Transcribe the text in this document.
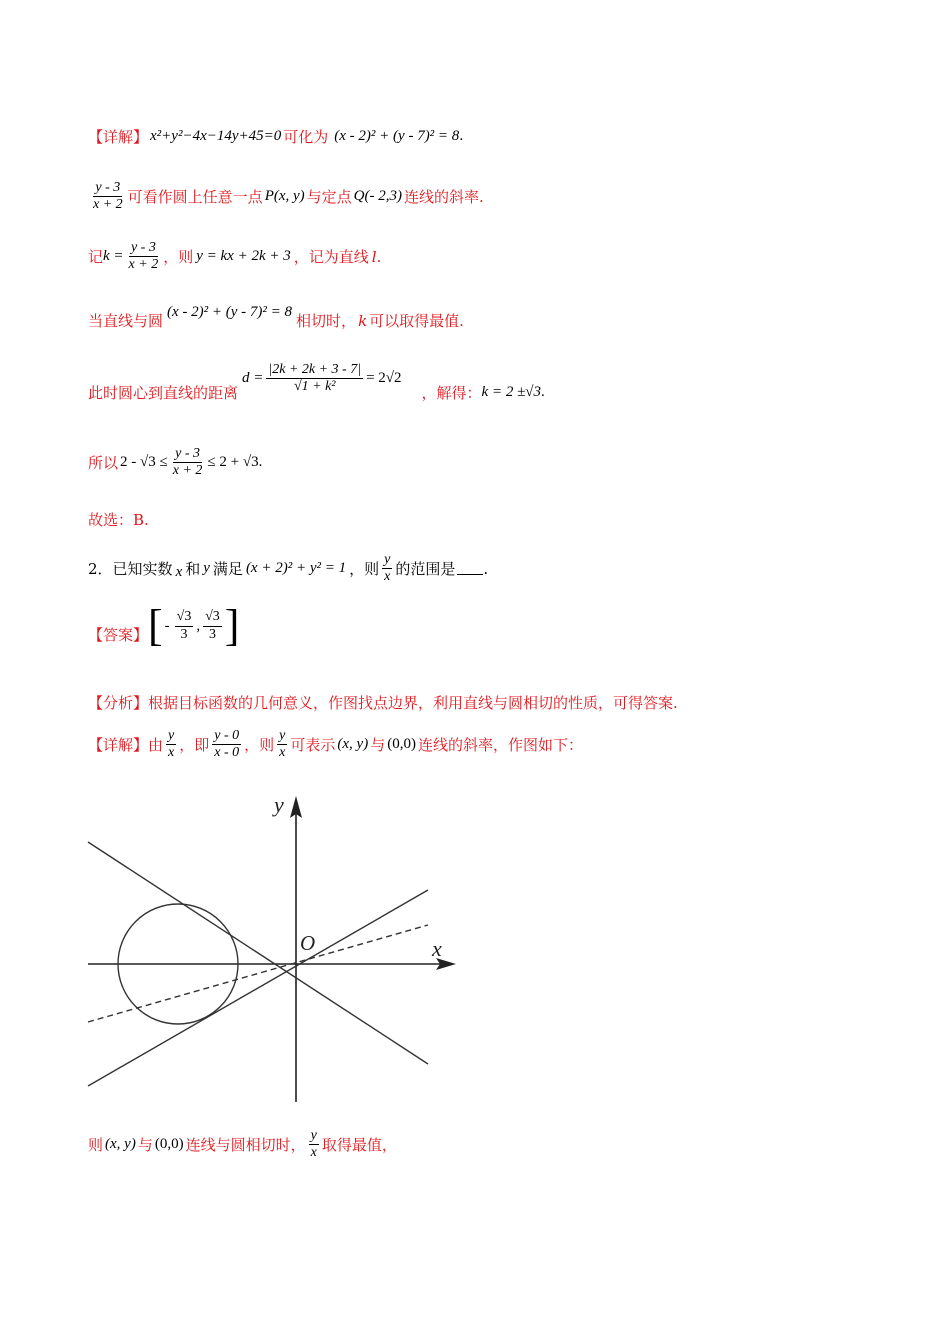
【详解】 x²+y²−4x−14y+45=0 可化为 (x - 2)² + (y - 7)² = 8 .
$\frac{y - 3}{x + 2}$ 可看作圆上任意一点 P(x, y) 与定点 Q(- 2,3) 连线的斜率.
记 $k = \frac{y - 3}{x + 2}$ ，则 y = kx + 2k + 3 ，记为直线 l .
当直线与圆 (x - 2)² + (y - 7)² = 8 相切时， k 可以取得最值.
此时圆心到直线的距离
$d = \frac{|2k + 2k + 3 - 7|}{\text{√1 + k²}} = 2√2$
，解得： k = 2 ±√3 .
所以 $2 - √3 \le \frac{y - 3}{x + 2} \le 2 + √3$ .
故选：B.
2． 已知实数 x 和 y 满足 (x + 2)² + y² = 1 ，则 $\frac{y}{x}$ 的范围是 .
【答案】 [ - $\frac{√3}{3}$ , $\frac{√3}{3}$ ]
【分析】 根据目标函数的几何意义，作图找点边界，利用直线与圆相切的性质，可得答案.
【详解】 由 $\frac{y}{x}$ ，即 $\frac{y - 0}{x - 0}$ ，则 $\frac{y}{x}$ 可表示 (x, y) 与 (0,0) 连线的斜率，作图如下：
y
x
O
则 (x, y) 与 (0,0) 连线与圆相切时， $\frac{y}{x}$ 取得最值，
